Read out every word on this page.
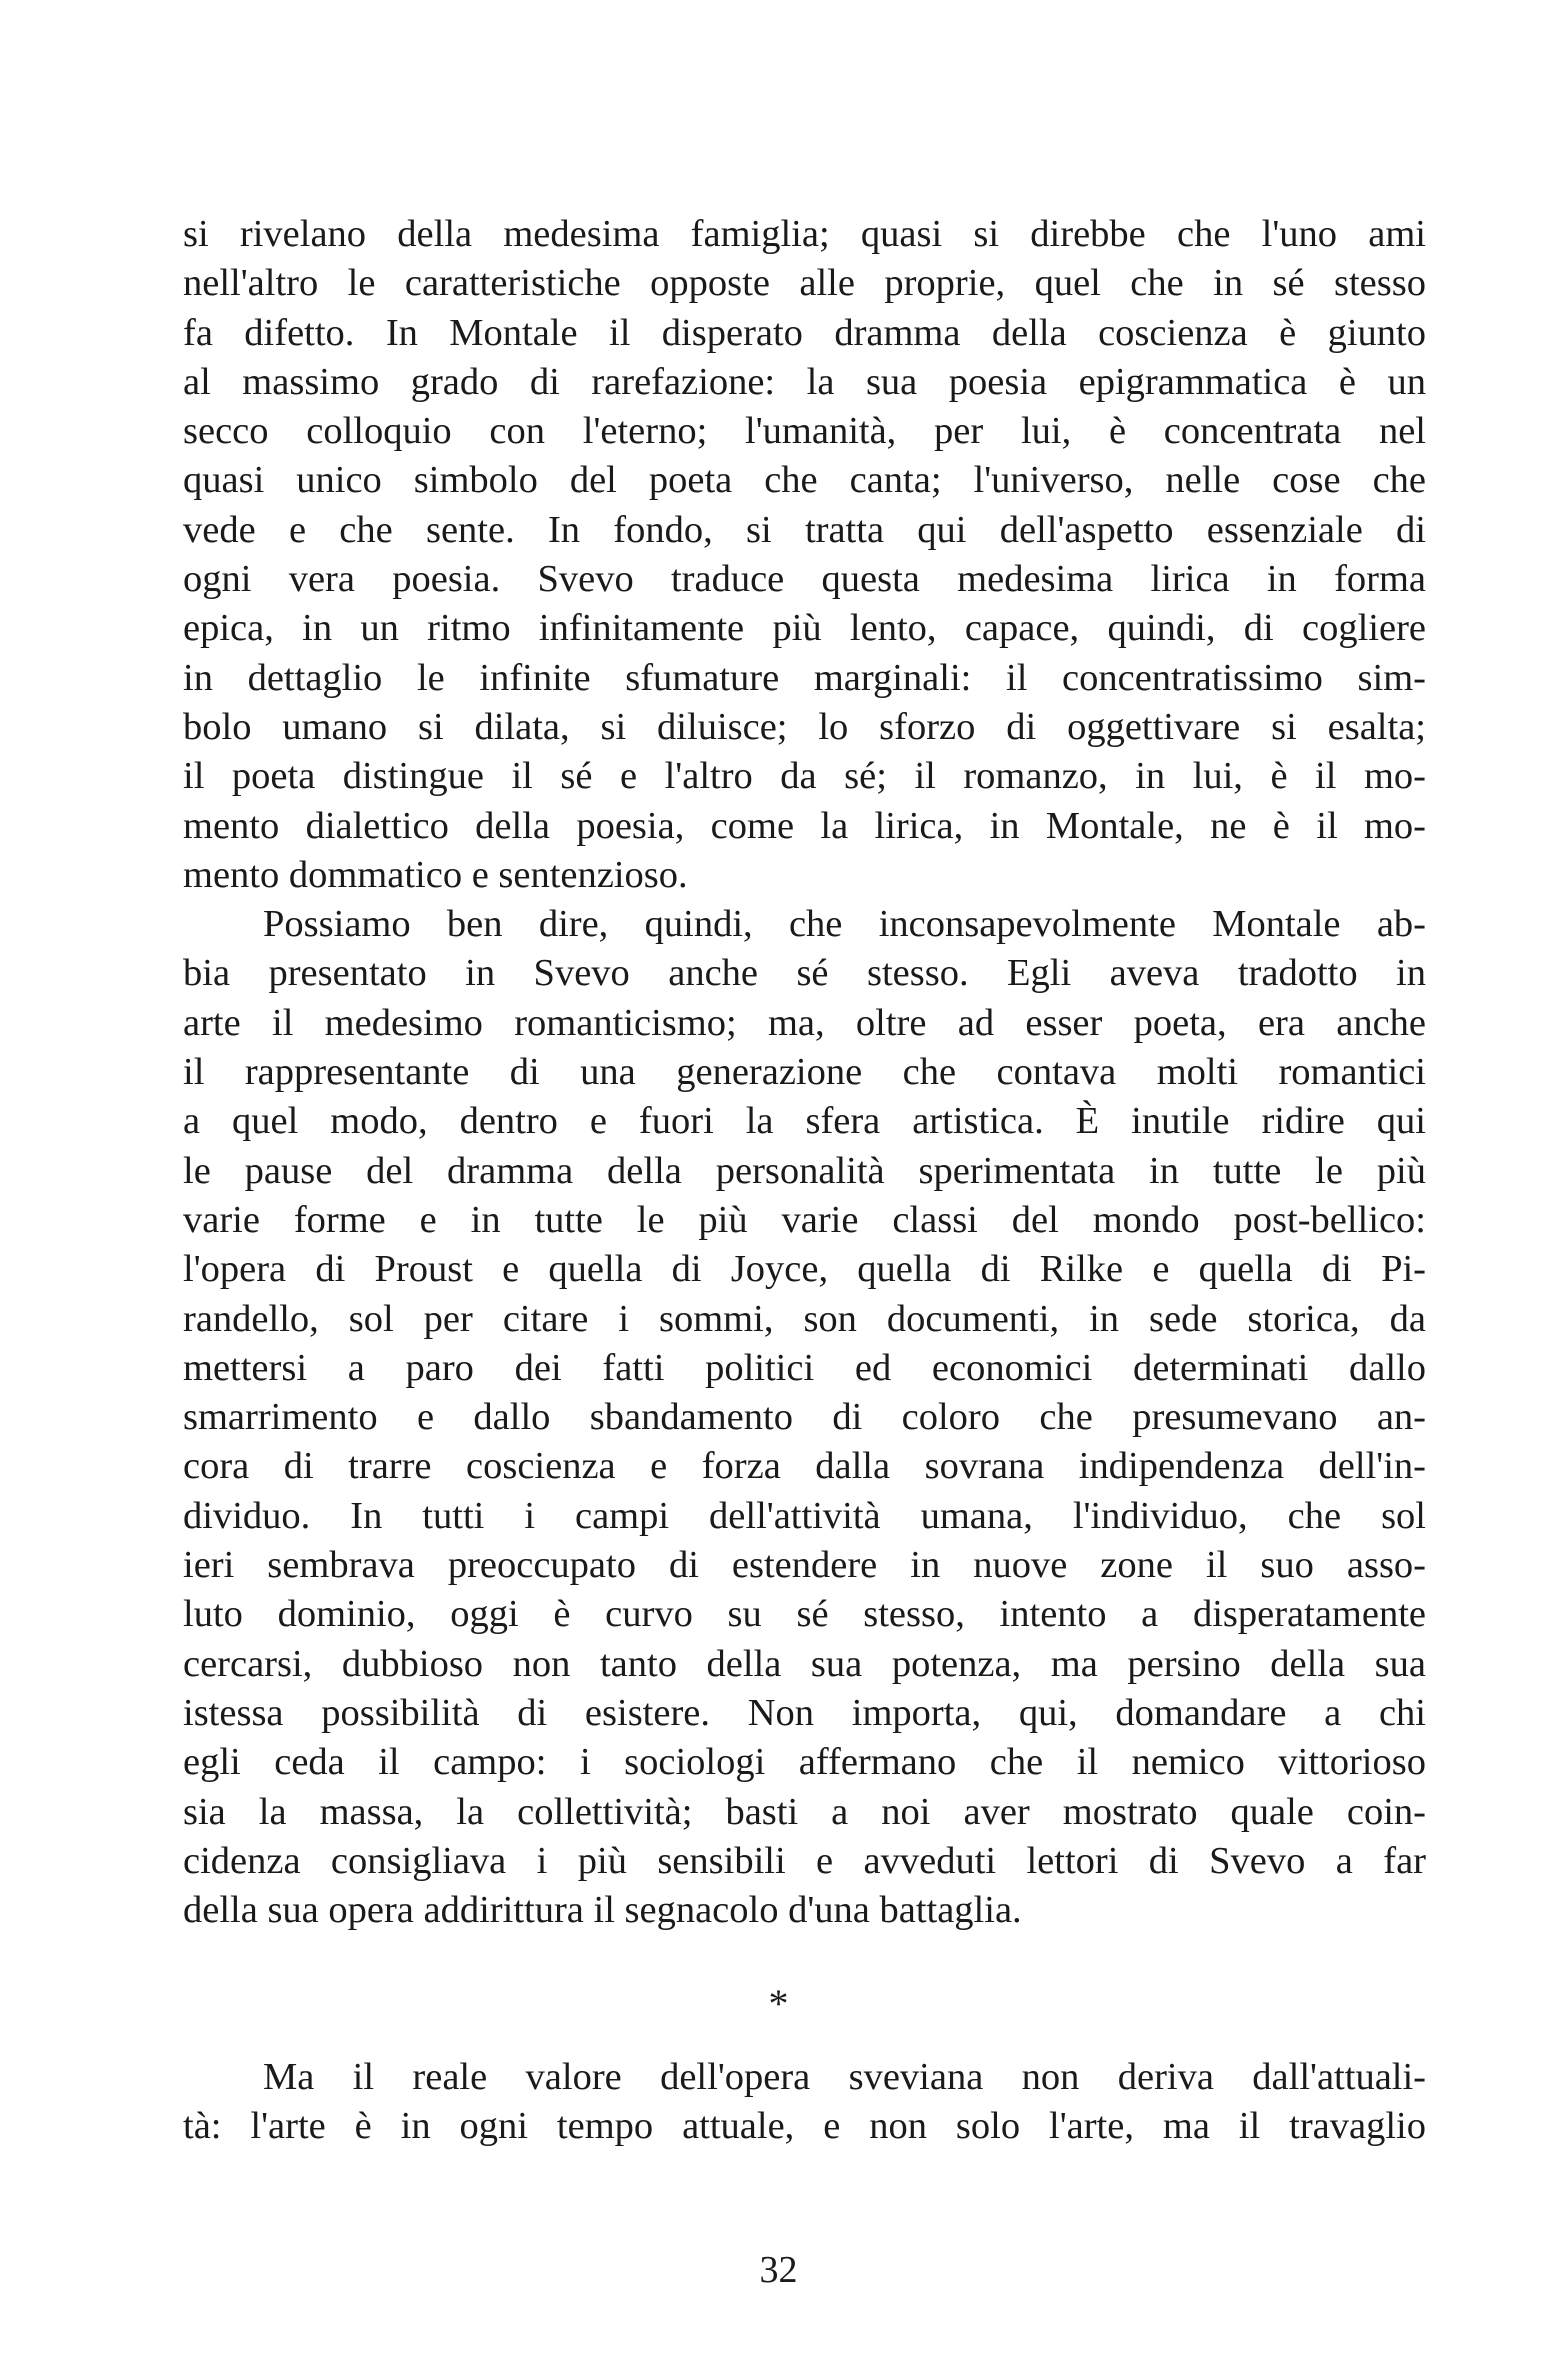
si rivelano della medesima famiglia; quasi si direbbe che l'uno ami
nell'altro le caratteristiche opposte alle proprie, quel che in sé stesso
fa difetto. In Montale il disperato dramma della coscienza è giunto
al massimo grado di rarefazione: la sua poesia epigrammatica è un
secco colloquio con l'eterno; l'umanità, per lui, è concentrata nel
quasi unico simbolo del poeta che canta; l'universo, nelle cose che
vede e che sente. In fondo, si tratta qui dell'aspetto essenziale di
ogni vera poesia. Svevo traduce questa medesima lirica in forma
epica, in un ritmo infinitamente più lento, capace, quindi, di cogliere
in dettaglio le infinite sfumature marginali: il concentratissimo sim-
bolo umano si dilata, si diluisce; lo sforzo di oggettivare si esalta;
il poeta distingue il sé e l'altro da sé; il romanzo, in lui, è il mo-
mento dialettico della poesia, come la lirica, in Montale, ne è il mo-
mento dommatico e sentenzioso.

Possiamo ben dire, quindi, che inconsapevolmente Montale ab-
bia presentato in Svevo anche sé stesso. Egli aveva tradotto in
arte il medesimo romanticismo; ma, oltre ad esser poeta, era anche
il rappresentante di una generazione che contava molti romantici
a quel modo, dentro e fuori la sfera artistica. È inutile ridire qui
le pause del dramma della personalità sperimentata in tutte le più
varie forme e in tutte le più varie classi del mondo post-bellico:
l'opera di Proust e quella di Joyce, quella di Rilke e quella di Pi-
randello, sol per citare i sommi, son documenti, in sede storica, da
mettersi a paro dei fatti politici ed economici determinati dallo
smarrimento e dallo sbandamento di coloro che presumevano an-
cora di trarre coscienza e forza dalla sovrana indipendenza dell'in-
dividuo. In tutti i campi dell'attività umana, l'individuo, che sol
ieri sembrava preoccupato di estendere in nuove zone il suo asso-
luto dominio, oggi è curvo su sé stesso, intento a disperatamente
cercarsi, dubbioso non tanto della sua potenza, ma persino della sua
istessa possibilità di esistere. Non importa, qui, domandare a chi
egli ceda il campo: i sociologi affermano che il nemico vittorioso
sia la massa, la collettività; basti a noi aver mostrato quale coin-
cidenza consigliava i più sensibili e avveduti lettori di Svevo a far
della sua opera addirittura il segnacolo d'una battaglia.

*
Ma il reale valore dell'opera sveviana non deriva dall'attuali-
tà: l'arte è in ogni tempo attuale, e non solo l'arte, ma il travaglio
32
